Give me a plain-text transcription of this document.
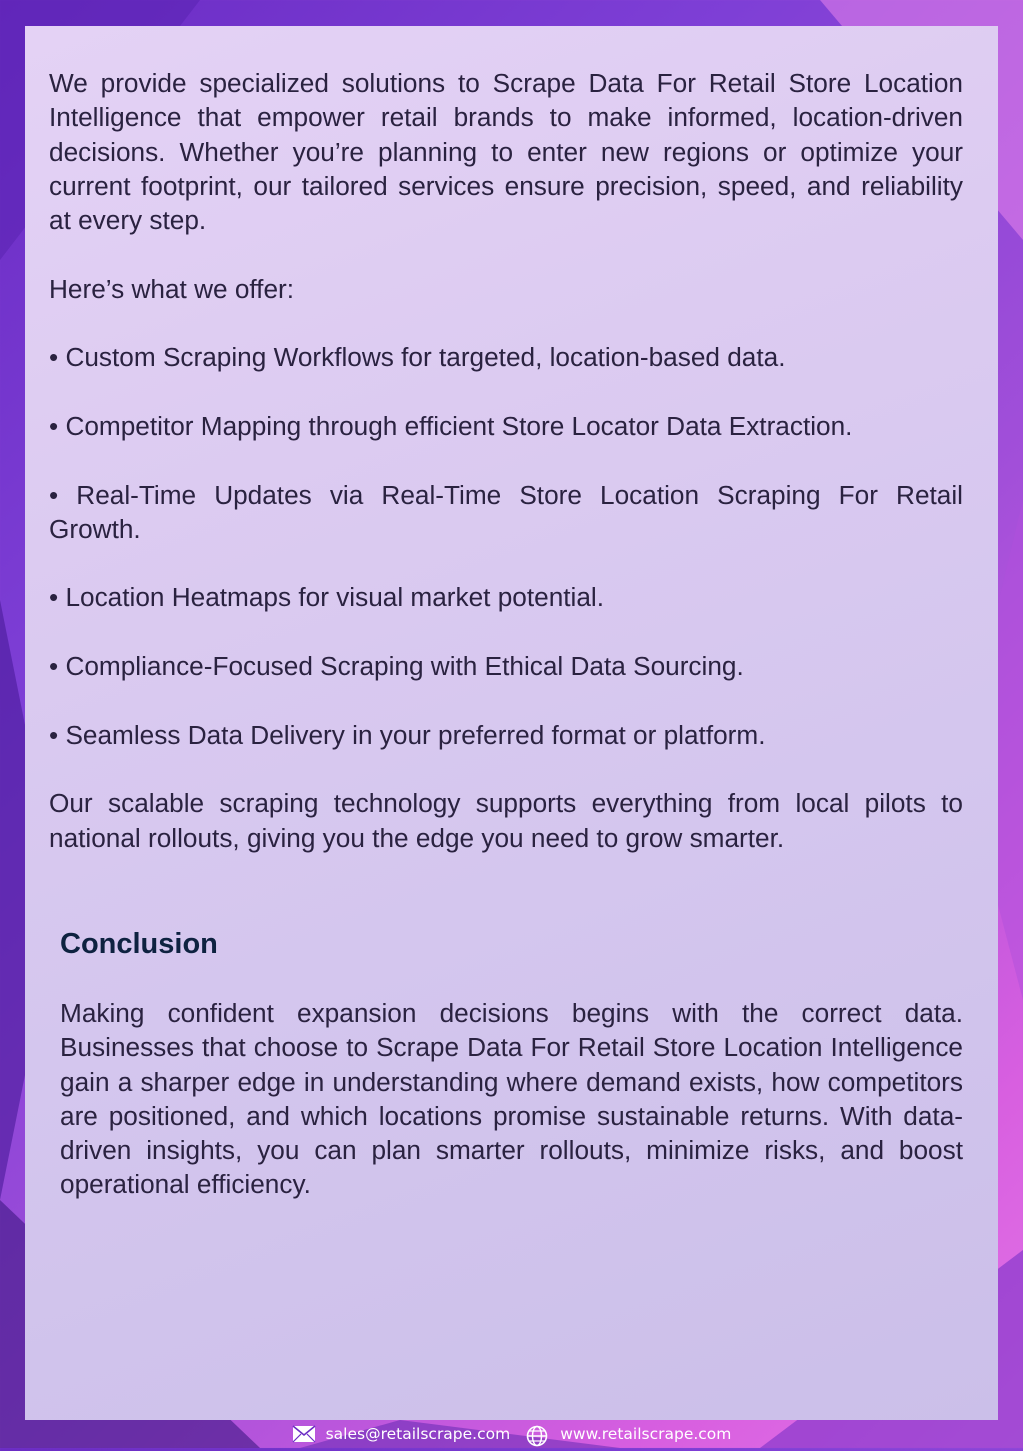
We provide specialized solutions to Scrape Data For Retail Store Location Intelligence that empower retail brands to make informed, location-driven decisions. Whether you’re planning to enter new regions or optimize your current footprint, our tailored services ensure precision, speed, and reliability at every step.

Here’s what we offer:

• Custom Scraping Workflows for targeted, location-based data.

• Competitor Mapping through efficient Store Locator Data Extraction.

• Real-Time Updates via Real-Time Store Location Scraping For Retail Growth.

• Location Heatmaps for visual market potential.

• Compliance-Focused Scraping with Ethical Data Sourcing.

• Seamless Data Delivery in your preferred format or platform.

Our scalable scraping technology supports everything from local pilots to national rollouts, giving you the edge you need to grow smarter.

Conclusion

Making confident expansion decisions begins with the correct data. Businesses that choose to Scrape Data For Retail Store Location Intelligence gain a sharper edge in understanding where demand exists, how competitors are positioned, and which locations promise sustainable returns. With data-driven insights, you can plan smarter rollouts, minimize risks, and boost operational efficiency.

sales@retailscrape.com	www.retailscrape.com
